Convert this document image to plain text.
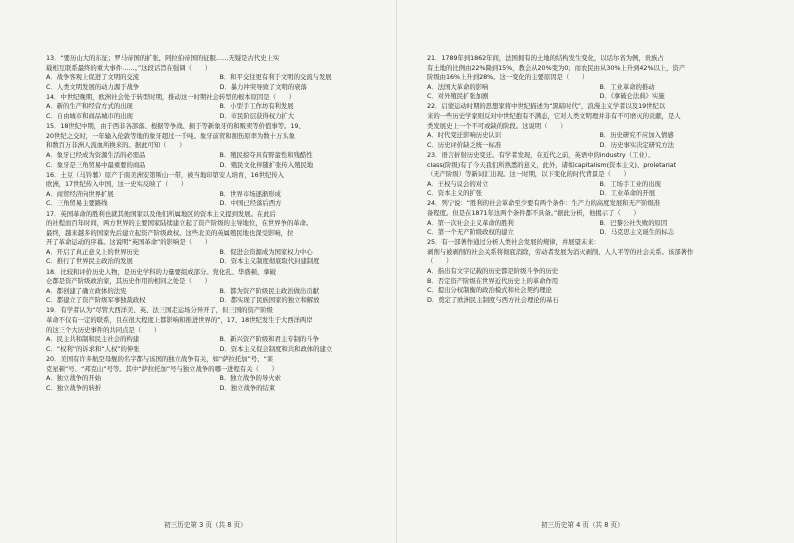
13．“要历山大的东征；罗马帝国的扩张，阿拉伯帝国的征服……无疑是古代史上实
载相互联系最终的重大事件……。”这段话旨在强调（　　）
A．战争客观上促进了文明的交流	B．和平交往更有利于文明的交流与发展
C．人类文明发展的动力源于战争	D．暴力冲突导致了文明的衰落
14．中世纪晚期，欧洲社会处于转型时期，推动这一时期社会转型的根本原因是（　　）
A．新的生产和经营方式的出现	B．小型手工作坊有利发展
C．自由城市和商品城市的出现	D．市民阶层获得权力扩大
15．18世纪中期，由于西非各部落、根据等争战、损于等新象牙的和贩卖等价值事等。19、
20世纪之交时，一年输入伦敦等地的象牙超过一千吨。象牙前贸和拥伤原率为数十万头象
和数百万非洲人流血所换来的。据此可知（　　）
A．象牙已经成为资源生活的必需品	B．殖民掠夺具有野蛮性和残酷性
C．象牙是三角贸易中最重要的商品	D．殖民文化伴随扩张传入殖民地
16．土豆（马铃薯）原产于南美洲安第斯山一带，被当地印第安人培育，16世纪传入
欧洲，17世纪传入中国，这一史实反映了（　　）
A．商贸经济向世界扩展	B．世界市场逐渐形成
C．三角贸易主要路线	D．中国已经落后西方
17．英国革命的胜利也就其他国家以及他们所属地区的资本主义提到发展。在此后
的社程而百年时间，两方世界的主要国家陆续建立起了资产阶级的主导地位，在世界争的革命。
最终，越来越多的国家先后建立起资产阶级政权。这些北美的英属殖民地也深受影响，拉
开了革命运动的序幕。这说明“英国革命”的影响是（　　）
A．开启了真正意义上的世界历史	B．促进会资源成为国家权力中心
C．推行了世界民主政治的发展	D．资本主义制度彻底取代封建制度
18．比较和评价历史人物，是历史学科的力量要组成部分。党化孔、华盛顿、拿破
仑都是资产阶级政治家，其历史作用的相同之处是（　　）
A．都创建了确立政体的法宪	B．都为资产阶级民主政治做出贡献
C．都建立了资产阶级军事独裁政权	D．都实现了民族国家的独立和解放
19．有学者认为“尽管大西洋美、英、法三国走运场分异开了，但三国的资产阶级
革命不仅有一定的联系，且在很大程度上都影响和推进世界的”，17、18世纪发生于大西洋两岸
的这三个大历史事件的共同点是（　　）
A．民主共和制和民主社会的构建	B．新兴资产阶级和君主专制的斗争
C．“权利”的诉求和“人权”的伸张	D．资本主义促会制度和共和政体的建立
20．美国有许多航空母舰的名字都与该国的独立战争有关，如“萨拉托加”号、“莱
克星顿”号、“邦克山”号等。其中“萨拉托加”号与独立战争的哪一进程有关（　　）
A．独立战争的开始	B．独立战争的导火索
C．独立战争的转折	D．独立战争的结束
21．1789年到1862年间，法国拥有的土地的结构发生变化，以话尔省为例，贵族占
有土地的比例由22%降到15%，教会从20%变为0；而农民由从30%上升到42%以上，资产
阶级由16%上升到28%。这一变化的主要原因是（　　）
A．法国大革命的影响	B．工业革命的推动
C．对外殖民扩张加剧	D．《拿破仑法典》实施
22．启蒙运动时期的思想家将中世纪描述为“黑暗时代”，浪漫主义学者以及19世纪以
来的一些历史学家则反对中世纪抱有不满态，它对人类文明理并非有不可磨灭的贡献，是人
类发展史上一个不可或缺的阶段。这说明（　　）
A．时代变迁影响历史认识	B．历史研究不应加入情感
C．历史评价缺乏统一标准	D．历史事实决定研究方法
23．语言折射历史变迁。有学者发现，在近代之前，英语中的industry（工业）、
class(阶级)有了今天我们所熟悉的意义，此外，诸如capitalism(资本主义)、proletariat
（无产阶级）等新词汇出现。这一时期，以下变化的时代背景是（　　）
A．王权与议会的对立	B．工场手工业的出现
C．资本主义的扩张	D．工业革命的开展
24．列宁说：“胜利的社会革命至少要有两个条件：生产力的高度发展和无产阶级准
备程度。但是在1871年这两个条件都不具备。”据此分析，他揭示了（　　）
A．第一次社会主义革命的胜利	B．巴黎公社失败的原因
C．第一个无产阶级政权的建立	D．马克思主义诞生的标志
25．有一部著作通过分析人类社会发展的规律，并展望未来：
剥削与被剥削的社会关系将彻底消除，劳动者发展为消灭剥削、人人平等的社会关系。该部著作
（　　）
A．指出有文字记载的历史都是阶级斗争的历史
B．否定资产阶级在世界近代历史上的革命作用
C．提出分权制衡的政治模式和社会契约理论
D．奠定了欧洲民主制度与西方社会理论的基石
初三历史第 3 页（共 8 页）	初三历史第 4 页（共 8 页）
